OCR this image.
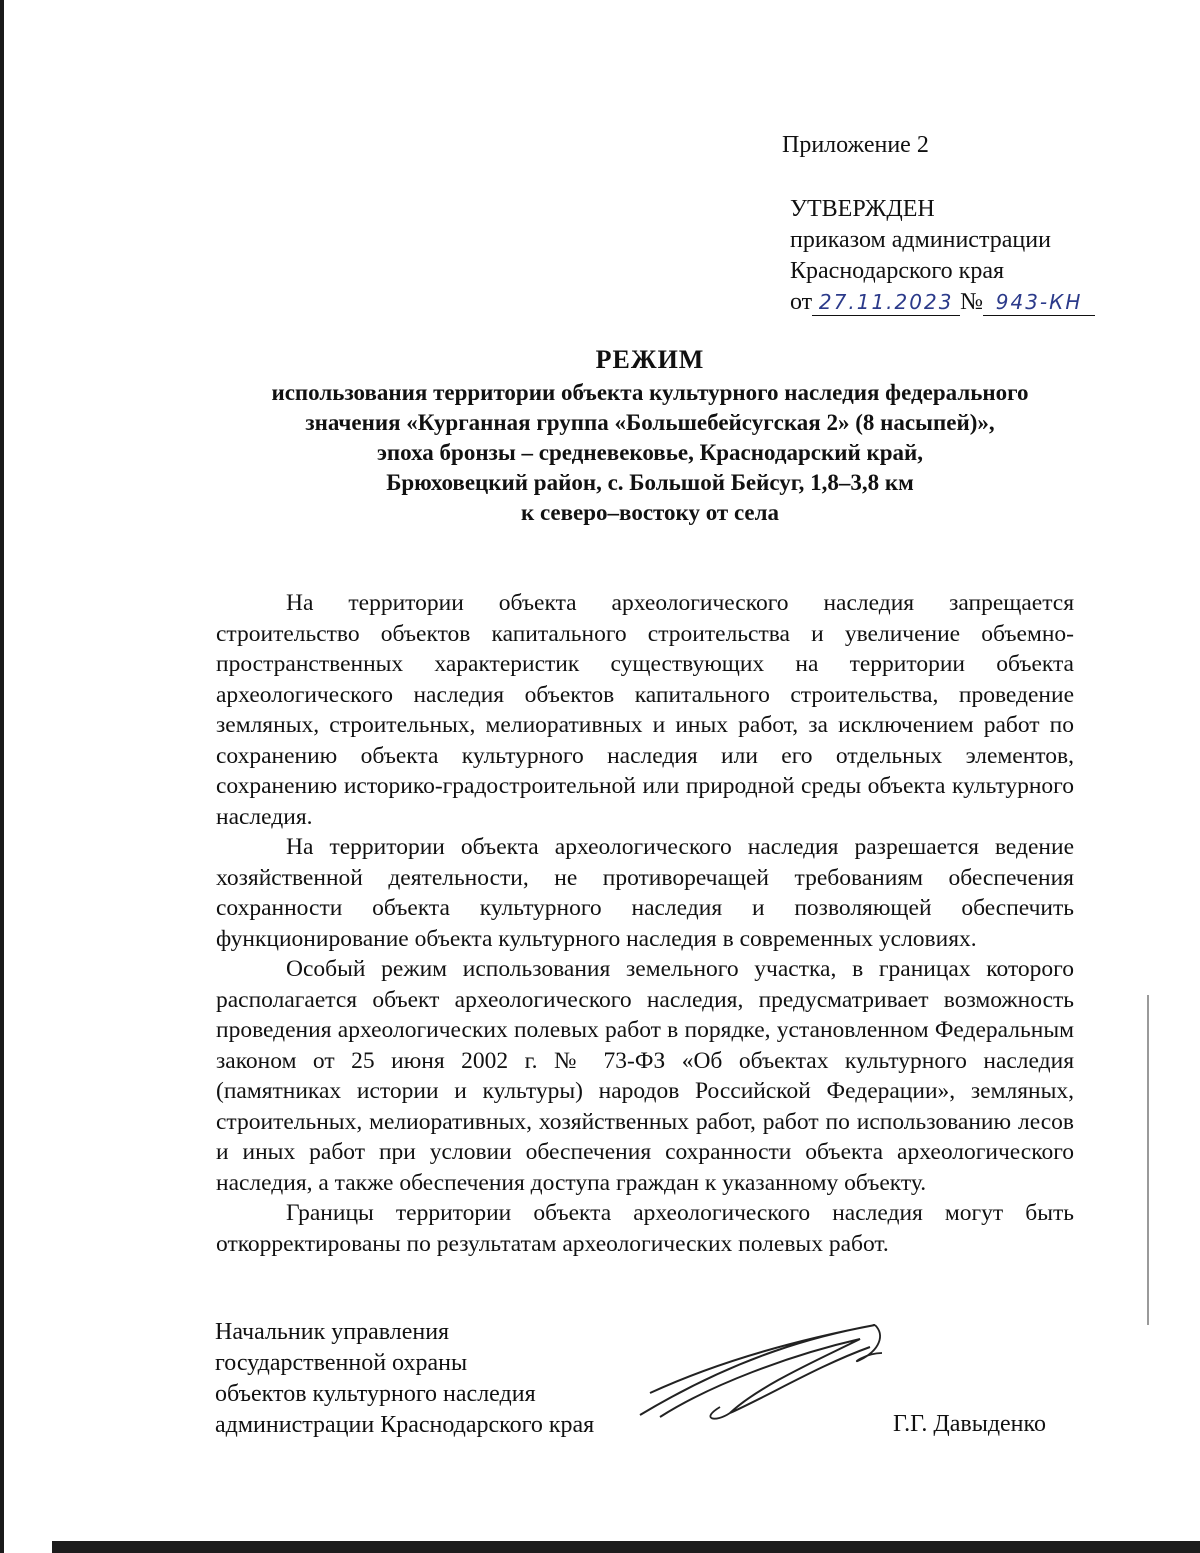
Приложение 2
УТВЕРЖДЕН
приказом администрации
Краснодарского края
от 27.11.2023 № 943-КН
РЕЖИМ
использования территории объекта культурного наследия федерального
значения «Курганная группа «Большебейсугская 2» (8 насыпей)»,
эпоха бронзы – средневековье, Краснодарский край,
Брюховецкий район, с. Большой Бейсуг, 1,8–3,8 км
к северо–востоку от села

На территории объекта археологического наследия запрещается строительство объектов капитального строительства и увеличение объемно-пространственных характеристик существующих на территории объекта археологического наследия объектов капитального строительства, проведение земляных, строительных, мелиоративных и иных работ, за исключением работ по сохранению объекта культурного наследия или его отдельных элементов, сохранению историко-градостроительной или природной среды объекта культурного наследия.

На территории объекта археологического наследия разрешается ведение хозяйственной деятельности, не противоречащей требованиям обеспечения сохранности объекта культурного наследия и позволяющей обеспечить функционирование объекта культурного наследия в современных условиях.

Особый режим использования земельного участка, в границах которого располагается объект археологического наследия, предусматривает возможность проведения археологических полевых работ в порядке, установленном Федеральным законом от 25 июня 2002 г. № 73-ФЗ «Об объектах культурного наследия (памятниках истории и культуры) народов Российской Федерации», земляных, строительных, мелиоративных, хозяйственных работ, работ по использованию лесов и иных работ при условии обеспечения сохранности объекта археологического наследия, а также обеспечения доступа граждан к указанному объекту.

Границы территории объекта археологического наследия могут быть откорректированы по результатам археологических полевых работ.

Начальник управления
государственной охраны
объектов культурного наследия
администрации Краснодарского края	Г.Г. Давыденко
